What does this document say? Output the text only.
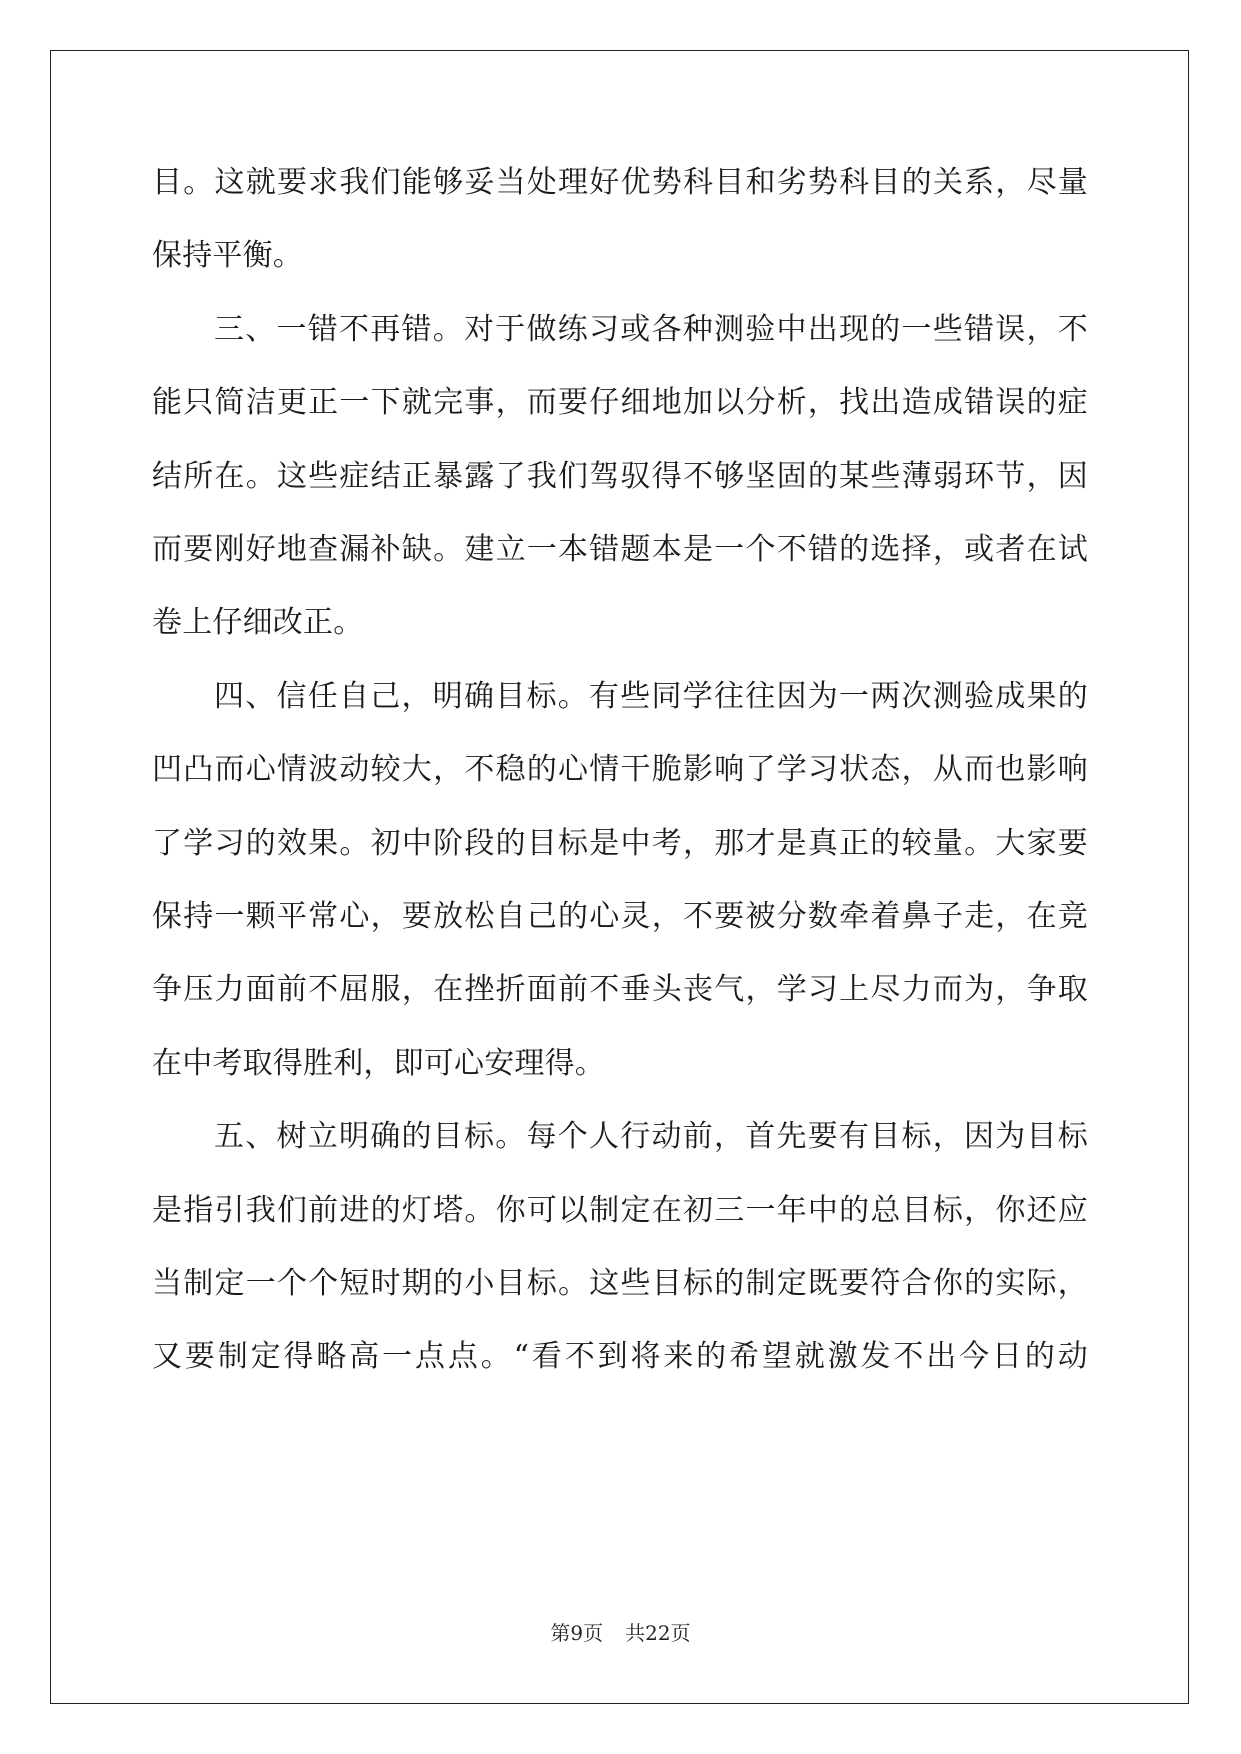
目。这就要求我们能够妥当处理好优势科目和劣势科目的关系，尽量
保持平衡。
三、一错不再错。对于做练习或各种测验中出现的一些错误，不
能只简洁更正一下就完事，而要仔细地加以分析，找出造成错误的症
结所在。这些症结正暴露了我们驾驭得不够坚固的某些薄弱环节，因
而要刚好地查漏补缺。建立一本错题本是一个不错的选择，或者在试
卷上仔细改正。
四、信任自己，明确目标。有些同学往往因为一两次测验成果的
凹凸而心情波动较大，不稳的心情干脆影响了学习状态，从而也影响
了学习的效果。初中阶段的目标是中考，那才是真正的较量。大家要
保持一颗平常心，要放松自己的心灵，不要被分数牵着鼻子走，在竞
争压力面前不屈服，在挫折面前不垂头丧气，学习上尽力而为，争取
在中考取得胜利，即可心安理得。
五、树立明确的目标。每个人行动前，首先要有目标，因为目标
是指引我们前进的灯塔。你可以制定在初三一年中的总目标，你还应
当制定一个个短时期的小目标。这些目标的制定既要符合你的实际，
又要制定得略高一点点。“看不到将来的希望就激发不出今日的动
第9页 共22页
